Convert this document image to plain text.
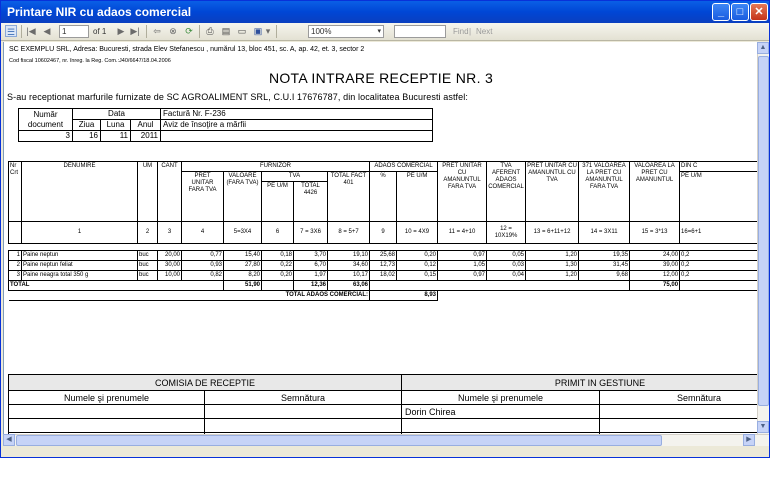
Printare NIR cu adaos comercial	_	□	✕
☰ |◀ ◀	1	of 1 ▶ ▶| ⇦ ⊗ ⟳ ⎙ ▤ ▭ ▣ ▾	100%	▾	Find | Next
SC EXEMPLU SRL, Adresa: Bucuresti, strada Elev Stefanescu , numărul 13, bloc 451, sc. A, ap. 42, et. 3, sector 2
Cod fiscal 10602467, nr. înreg. la Reg. Com.:J40/6647/18.04.2006
NOTA INTRARE RECEPTIE NR. 3
S-au receptionat marfurile furnizate de SC AGROALIMENT SRL, C.U.I 17676787, din localitatea Bucuresti astfel:
Număr document	Data			Factură Nr. F-236
	Ziua	Luna	Anul	Aviz de însoţire a mărfii
3	16	11	2011	
Nr Crt	DENUMIRE	UM	CANT	FURNIZOR					ADAOS COMERCIAL		PRET UNITAR CU AMANUNTUL FARA TVA	TVA AFERENT ADAOS COMERCIAL	PRET UNITAR CU AMANUNTUL CU TVA	371 VALOAREA LA PRET CU AMANUNTUL FARA TVA	VALOAREA LA PRET CU AMANUNTUL	DIN C
				PRET UNITAR FARA TVA	VALOARE (FARA TVA)	TVA		TOTAL FACT 401	%	PE U/M						PE U/M
						PE U/M	TOTAL 4426									
	1	2	3	4	5=3X4	6	7 = 3X6	8 = 5+7	9	10 = 4X9	11 = 4+10	12 = 10X19%	13 = 6+11+12	14 = 3X11	15 = 3*13	16=6+1

1	Paine neptun	buc	20,00	0,77	15,40	0,18	3,70	19,10	25,68	0,20	0,97	0,05	1,20	19,35	24,00	0,2
2	Paine neptun feliat	buc	30,00	0,93	27,80	0,22	6,70	34,60	12,73	0,12	1,05	0,03	1,30	31,45	39,00	0,2
3	Paine neagra total 350 g	buc	10,00	0,82	8,20	0,20	1,97	10,17	18,02	0,15	0,97	0,04	1,20	9,68	12,00	0,2
TOTAL					51,90		12,36	63,06							75,00	
TOTAL ADAOS COMERCIAL:									8,93							
COMISIA DE RECEPTIE		PRIMIT IN GESTIUNE	
Numele şi prenumele	Semnătura	Numele şi prenumele	Semnătura
		Dorin Chirea	

▲
▼
◀	▶
